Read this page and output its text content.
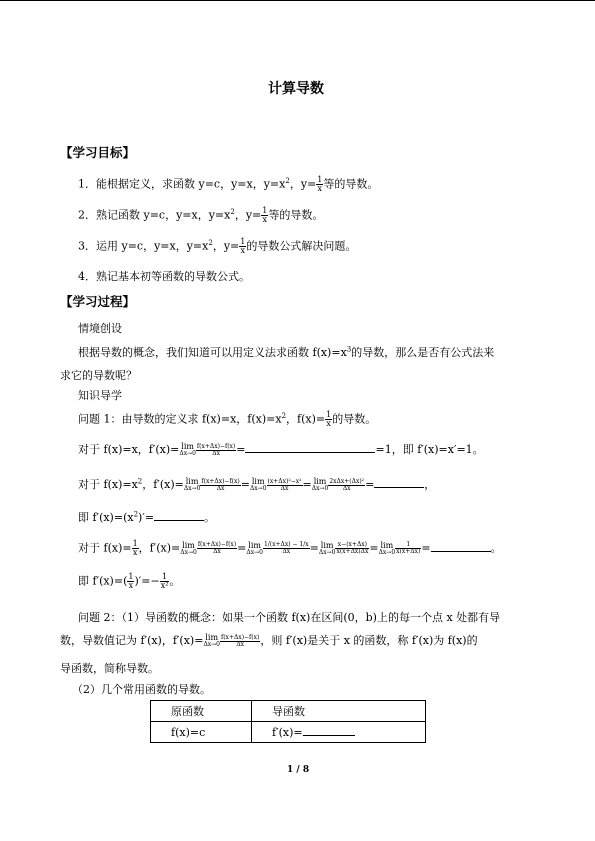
计算导数
【学习目标】
1．能根据定义，求函数 y=c，y=x，$y=x^2$，$y= \frac{1}{x}$ 等的导数。
2．熟记函数 y=c，y=x，$y=x^2$，$y= \frac{1}{x}$ 等的导数。
3．运用 y=c，y=x，$y=x^2$，$y= \frac{1}{x}$ 的导数公式解决问题。
4．熟记基本初等函数的导数公式。
【学习过程】
情境创设
根据导数的概念，我们知道可以用定义法求函数 $f(x)=x^3$的导数，那么是否有公式法来
求它的导数呢？
知识导学
问题 1：由导数的定义求 f(x)=x，$f(x)=x^2$，$f(x)= \frac{1}{x}$ 的导数。
对于 f(x)=x，f′(x)= lim
$\Delta x\to 0 \frac{f(x+\Delta x)-f(x)}{\Delta x}$ =	=1，即 f′(x)=x′=1。
对于 $f(x)=x^2$，f′(x)= lim
$\Delta x\to 0 \frac{f(x+\Delta x)-f(x)}{\Delta x} = \lim$
$\Delta x\to 0 \frac{\text{(x+Δx)²−x²}}{\Delta x} = \lim$
Δx→0
2xΔx+(Δx)²
Δx	=	，
即 $f'(x)=(x^2)'=$	。
对于 $f(x)= \frac{1}{x}$ ，f′(x)= lim
$\Delta x\to 0 \frac{f(x+\Delta x)-f(x)}{\Delta x} = \lim$
$\Delta x\to 0 \frac{1/(x+\Delta x) - 1/x}{\Delta x} = \lim$
$\Delta x\to 0 \frac{x-(x+\Delta x)}{x(x+\Delta x)\Delta x} = \lim$
$\Delta x\to 0 \frac{1}{x(x+\Delta x)}$ =	。
即 $f'(x)=( \frac{1}{x}$ )′=− $\frac{1}{\text{x²}}$ 。
问题 2：（1）导函数的概念：如果一个函数 f(x)在区间(0，b)上的每一个点 x 处都有导
数，导数值记为 f′(x)，f′(x)= lim
$\Delta x\to 0 \frac{f(x+\Delta x)-f(x)}{\Delta x}$ ，则 f′(x)是关于 x 的函数，称 f′(x)为 f(x)的
导函数，简称导数。
（2）几个常用函数的导数。
原函数	导函数
f(x)=c	f′(x)=
1 / 8
